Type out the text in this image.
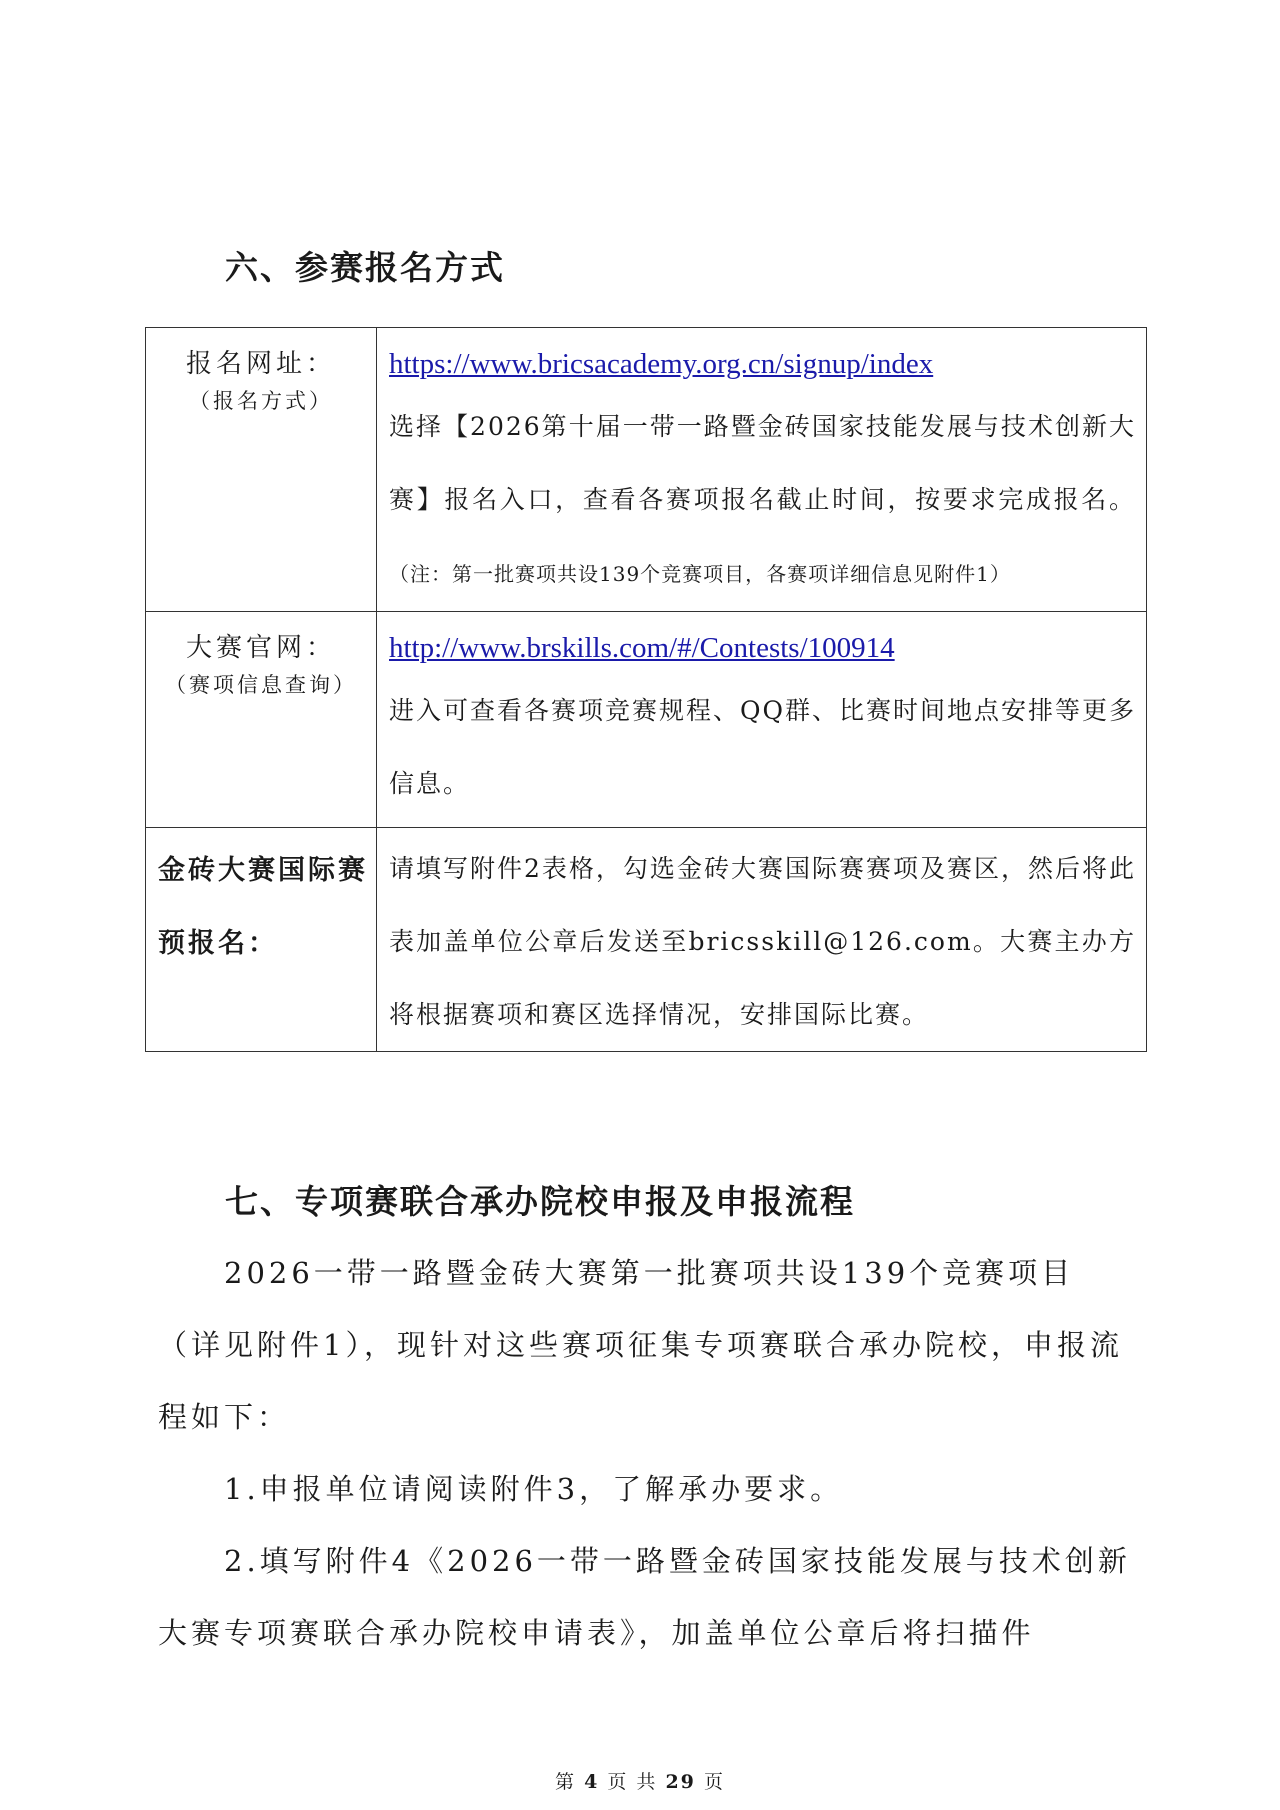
六、参赛报名方式
报名网址：
（报名方式）	https://www.bricsacademy.org.cn/signup/index

选择【2026第十届一带一路暨金砖国家技能发展与技术创新大赛】报名入口，查看各赛项报名截止时间，按要求完成报名。（注：第一批赛项共设139个竞赛项目，各赛项详细信息见附件1）

大赛官网：
（赛项信息查询）	http://www.brskills.com/#/Contests/100914

进入可查看各赛项竞赛规程、QQ群、比赛时间地点安排等更多信息。

金砖大赛国际赛预报名：	请填写附件2表格，勾选金砖大赛国际赛赛项及赛区，然后将此表加盖单位公章后发送至bricsskill@126.com。大赛主办方将根据赛项和赛区选择情况，安排国际比赛。

七、专项赛联合承办院校申报及申报流程

2026一带一路暨金砖大赛第一批赛项共设139个竞赛项目（详见附件1），现针对这些赛项征集专项赛联合承办院校，申报流程如下：

1.申报单位请阅读附件3，了解承办要求。

2.填写附件4《2026一带一路暨金砖国家技能发展与技术创新大赛专项赛联合承办院校申请表》，加盖单位公章后将扫描件

第 4 页 共 29 页
